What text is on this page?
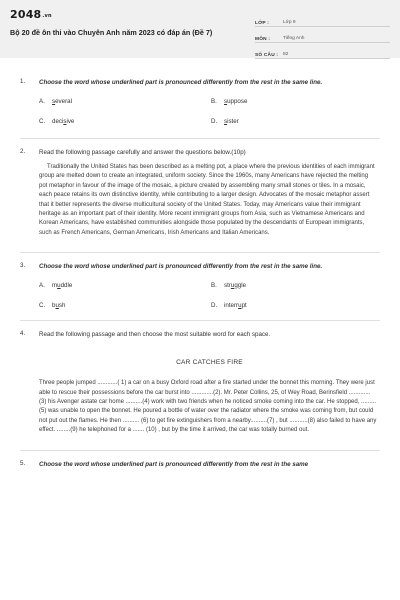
2048.vn
Bộ 20 đề ôn thi vào Chuyên Anh năm 2023 có đáp án (Đề 7)
LỚP :	Lớp 9
MÔN :	Tiếng Anh
SỐ CÂU :	82
1. Choose the word whose underlined part is pronounced differently from the rest in the same line.
A.	s everal	B.	s uppose
C.	deci s ive	D.	s ister
2. Read the following passage carefully and answer the questions below.(10p)
Traditionally the United States has been described as a melting pot, a place where the previous identities of each immigrant group are melted down to create an integrated, uniform society. Since the 1960s, many Americans have rejected the melting pot metaphor in favour of the image of the mosaic, a picture created by assembling many small stones or tiles. In a mosaic, each peace retains its own distinctive identity, while contributing to a larger design. Advocates of the mosaic metaphor assert that it better represents the diverse multicultural society of the United States. Today, may Americans value their immigrant heritage as an important part of their identity. More recent immigrant groups from Asia, such as Vietnamese Americans and Korean Americans, have established communities alongside those populated by the descendants of European immigrants, such as French Americans, German Americans, Irish Americans and Italian Americans.
3. Choose the word whose underlined part is pronounced differently from the rest in the same line.
A.	m u ddle	B.	str u ggle
C.	b u sh	D.	interr u pt
4. Read the following passage and then choose the most suitable word for each space.
CAR CATCHES FIRE
Three people jumped ............( 1) a car on a busy Oxford road after a fire started under the bonnet this morning. They were just able to rescue their possessions before the car burst into .............(2). Mr. Peter Collins, 25, of Wey Road, Berinsfield .............(3) his Avenger astate car home ..........(4) work with two friends when he noticed smoke coming into the car. He stopped, .........(5) was unable to open the bonnet. He poured a bottle of water over the radiator where the smoke was coming from, but could not put out the flames. He then .......... (6) to get fire extinguishers from a nearby..........(7) , but ...........(8) also failed to have any effect. ........(9) he telephoned for a ....... (10) , but by the time it arrived, the car was totally burned out.
5. Choose the word whose underlined part is pronounced differently from the rest in the same
